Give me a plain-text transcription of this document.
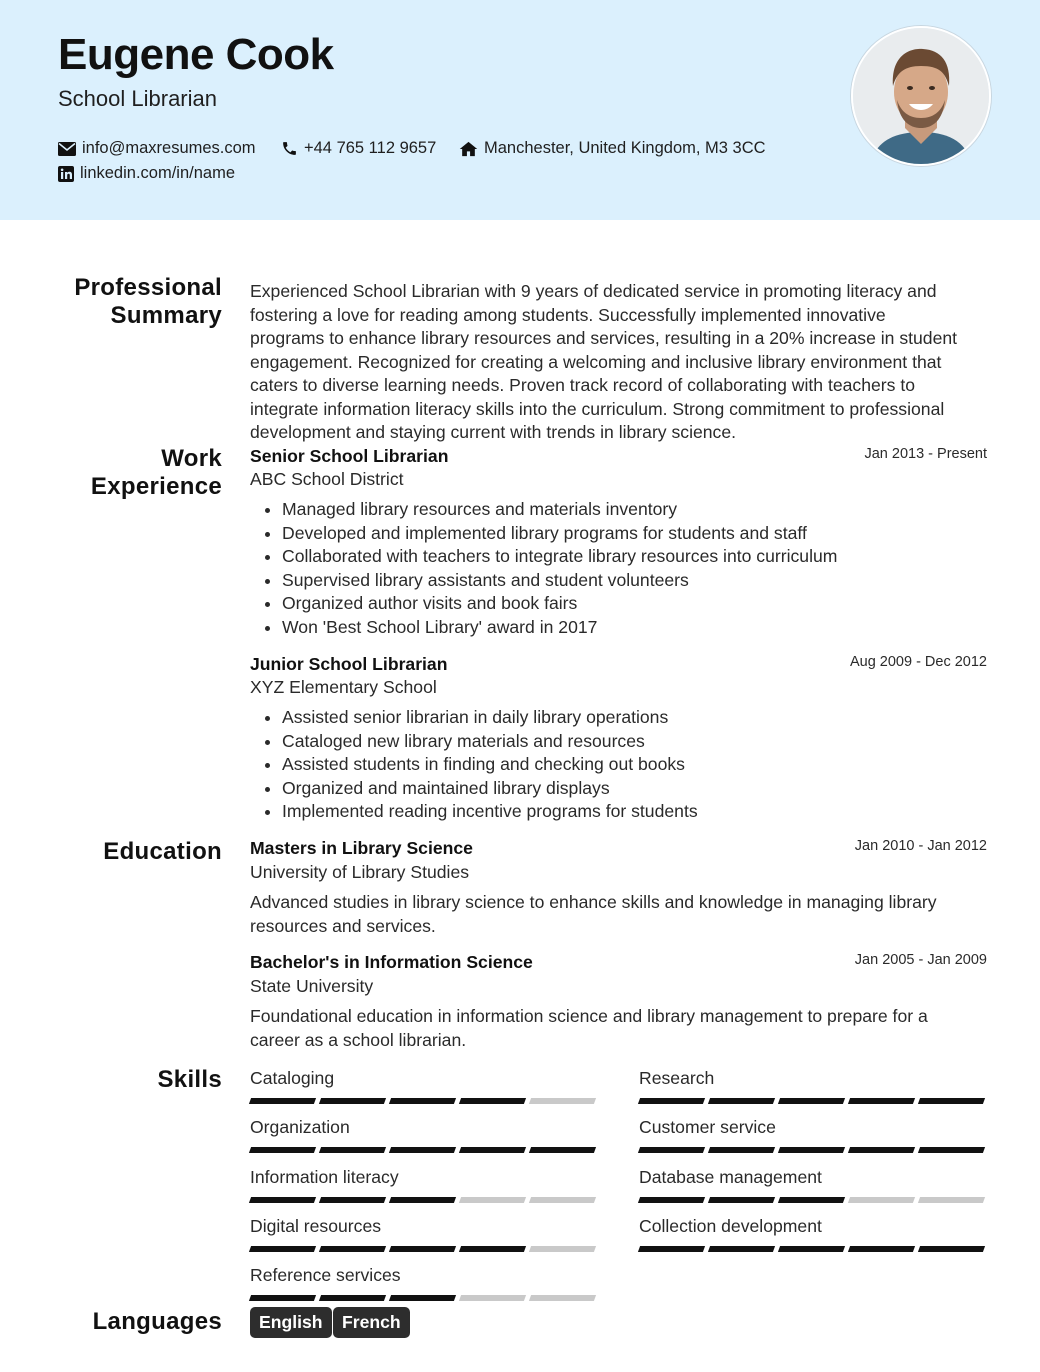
Eugene Cook
School Librarian
info@maxresumes.com	+44 765 112 9657	Manchester, United Kingdom, M3 3CC
linkedin.com/in/name
Professional
Summary
Experienced School Librarian with 9 years of dedicated service in promoting literacy and
fostering a love for reading among students. Successfully implemented innovative
programs to enhance library resources and services, resulting in a 20% increase in student
engagement. Recognized for creating a welcoming and inclusive library environment that
caters to diverse learning needs. Proven track record of collaborating with teachers to
integrate information literacy skills into the curriculum. Strong commitment to professional
development and staying current with trends in library science.
Work
Experience
Senior School Librarian	Jan 2013 - Present
ABC School District
• Managed library resources and materials inventory
• Developed and implemented library programs for students and staff
• Collaborated with teachers to integrate library resources into curriculum
• Supervised library assistants and student volunteers
• Organized author visits and book fairs
• Won 'Best School Library' award in 2017
Junior School Librarian	Aug 2009 - Dec 2012
XYZ Elementary School
• Assisted senior librarian in daily library operations
• Cataloged new library materials and resources
• Assisted students in finding and checking out books
• Organized and maintained library displays
• Implemented reading incentive programs for students
Education Masters in Library Science	Jan 2010 - Jan 2012
University of Library Studies
Advanced studies in library science to enhance skills and knowledge in managing library
resources and services.
Bachelor's in Information Science	Jan 2005 - Jan 2009
State University
Foundational education in information science and library management to prepare for a
career as a school librarian.
Skills Cataloging	Research
Organization	Customer service
Information literacy	Database management
Digital resources	Collection development
Reference services
Languages	English	French
